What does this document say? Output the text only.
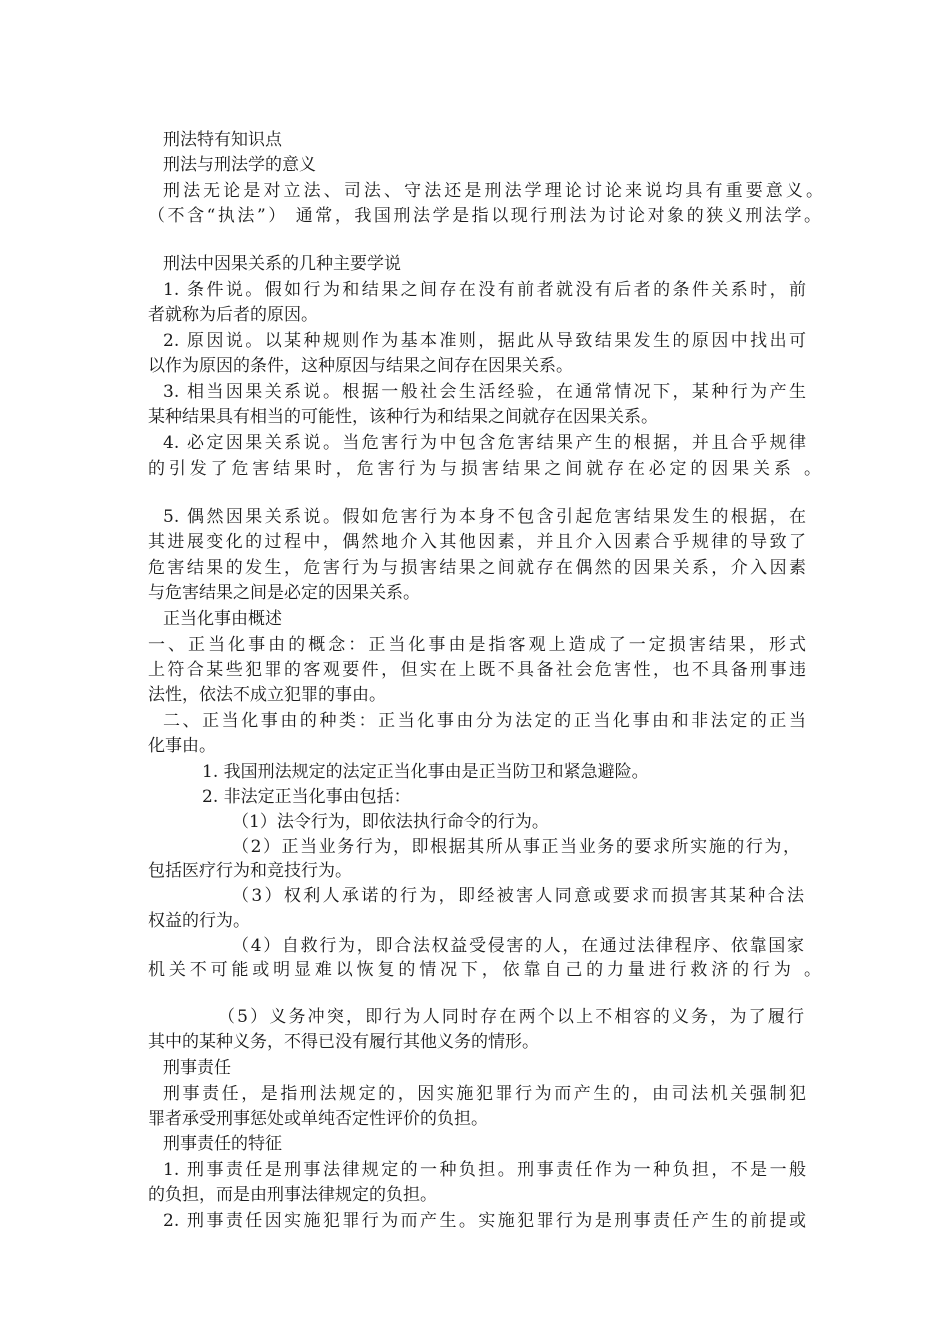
刑法特有知识点
刑法与刑法学的意义
刑法无论是对立法、司法、守法还是刑法学理论讨论来说均具有重要意义。
（不含“执法”） 通常，我国刑法学是指以现行刑法为讨论对象的狭义刑法学。
刑法中因果关系的几种主要学说
1. 条件说。假如行为和结果之间存在没有前者就没有后者的条件关系时，前
者就称为后者的原因。
2. 原因说。以某种规则作为基本准则，据此从导致结果发生的原因中找出可
以作为原因的条件，这种原因与结果之间存在因果关系。
3. 相当因果关系说。根据一般社会生活经验，在通常情况下，某种行为产生
某种结果具有相当的可能性，该种行为和结果之间就存在因果关系。
4. 必定因果关系说。当危害行为中包含危害结果产生的根据，并且合乎规律
的引发了危害结果时，危害行为与损害结果之间就存在必定的因果关系 。
5. 偶然因果关系说。假如危害行为本身不包含引起危害结果发生的根据，在
其进展变化的过程中，偶然地介入其他因素，并且介入因素合乎规律的导致了
危害结果的发生，危害行为与损害结果之间就存在偶然的因果关系，介入因素
与危害结果之间是必定的因果关系。
正当化事由概述
一、正当化事由的概念：正当化事由是指客观上造成了一定损害结果，形式
上符合某些犯罪的客观要件，但实在上既不具备社会危害性，也不具备刑事违
法性，依法不成立犯罪的事由。
二、正当化事由的种类：正当化事由分为法定的正当化事由和非法定的正当
化事由。
1. 我国刑法规定的法定正当化事由是正当防卫和紧急避险。
2. 非法定正当化事由包括：
（1）法令行为，即依法执行命令的行为。
（2）正当业务行为，即根据其所从事正当业务的要求所实施的行为，
包括医疗行为和竞技行为。
（3）权利人承诺的行为，即经被害人同意或要求而损害其某种合法
权益的行为。
（4）自救行为，即合法权益受侵害的人，在通过法律程序、依靠国家
机关不可能或明显难以恢复的情况下，依靠自己的力量进行救济的行为 。
（5）义务冲突，即行为人同时存在两个以上不相容的义务，为了履行
其中的某种义务，不得已没有履行其他义务的情形。
刑事责任
刑事责任，是指刑法规定的，因实施犯罪行为而产生的，由司法机关强制犯
罪者承受刑事惩处或单纯否定性评价的负担。
刑事责任的特征
1. 刑事责任是刑事法律规定的一种负担。刑事责任作为一种负担，不是一般
的负担，而是由刑事法律规定的负担。
2. 刑事责任因实施犯罪行为而产生。实施犯罪行为是刑事责任产生的前提或
